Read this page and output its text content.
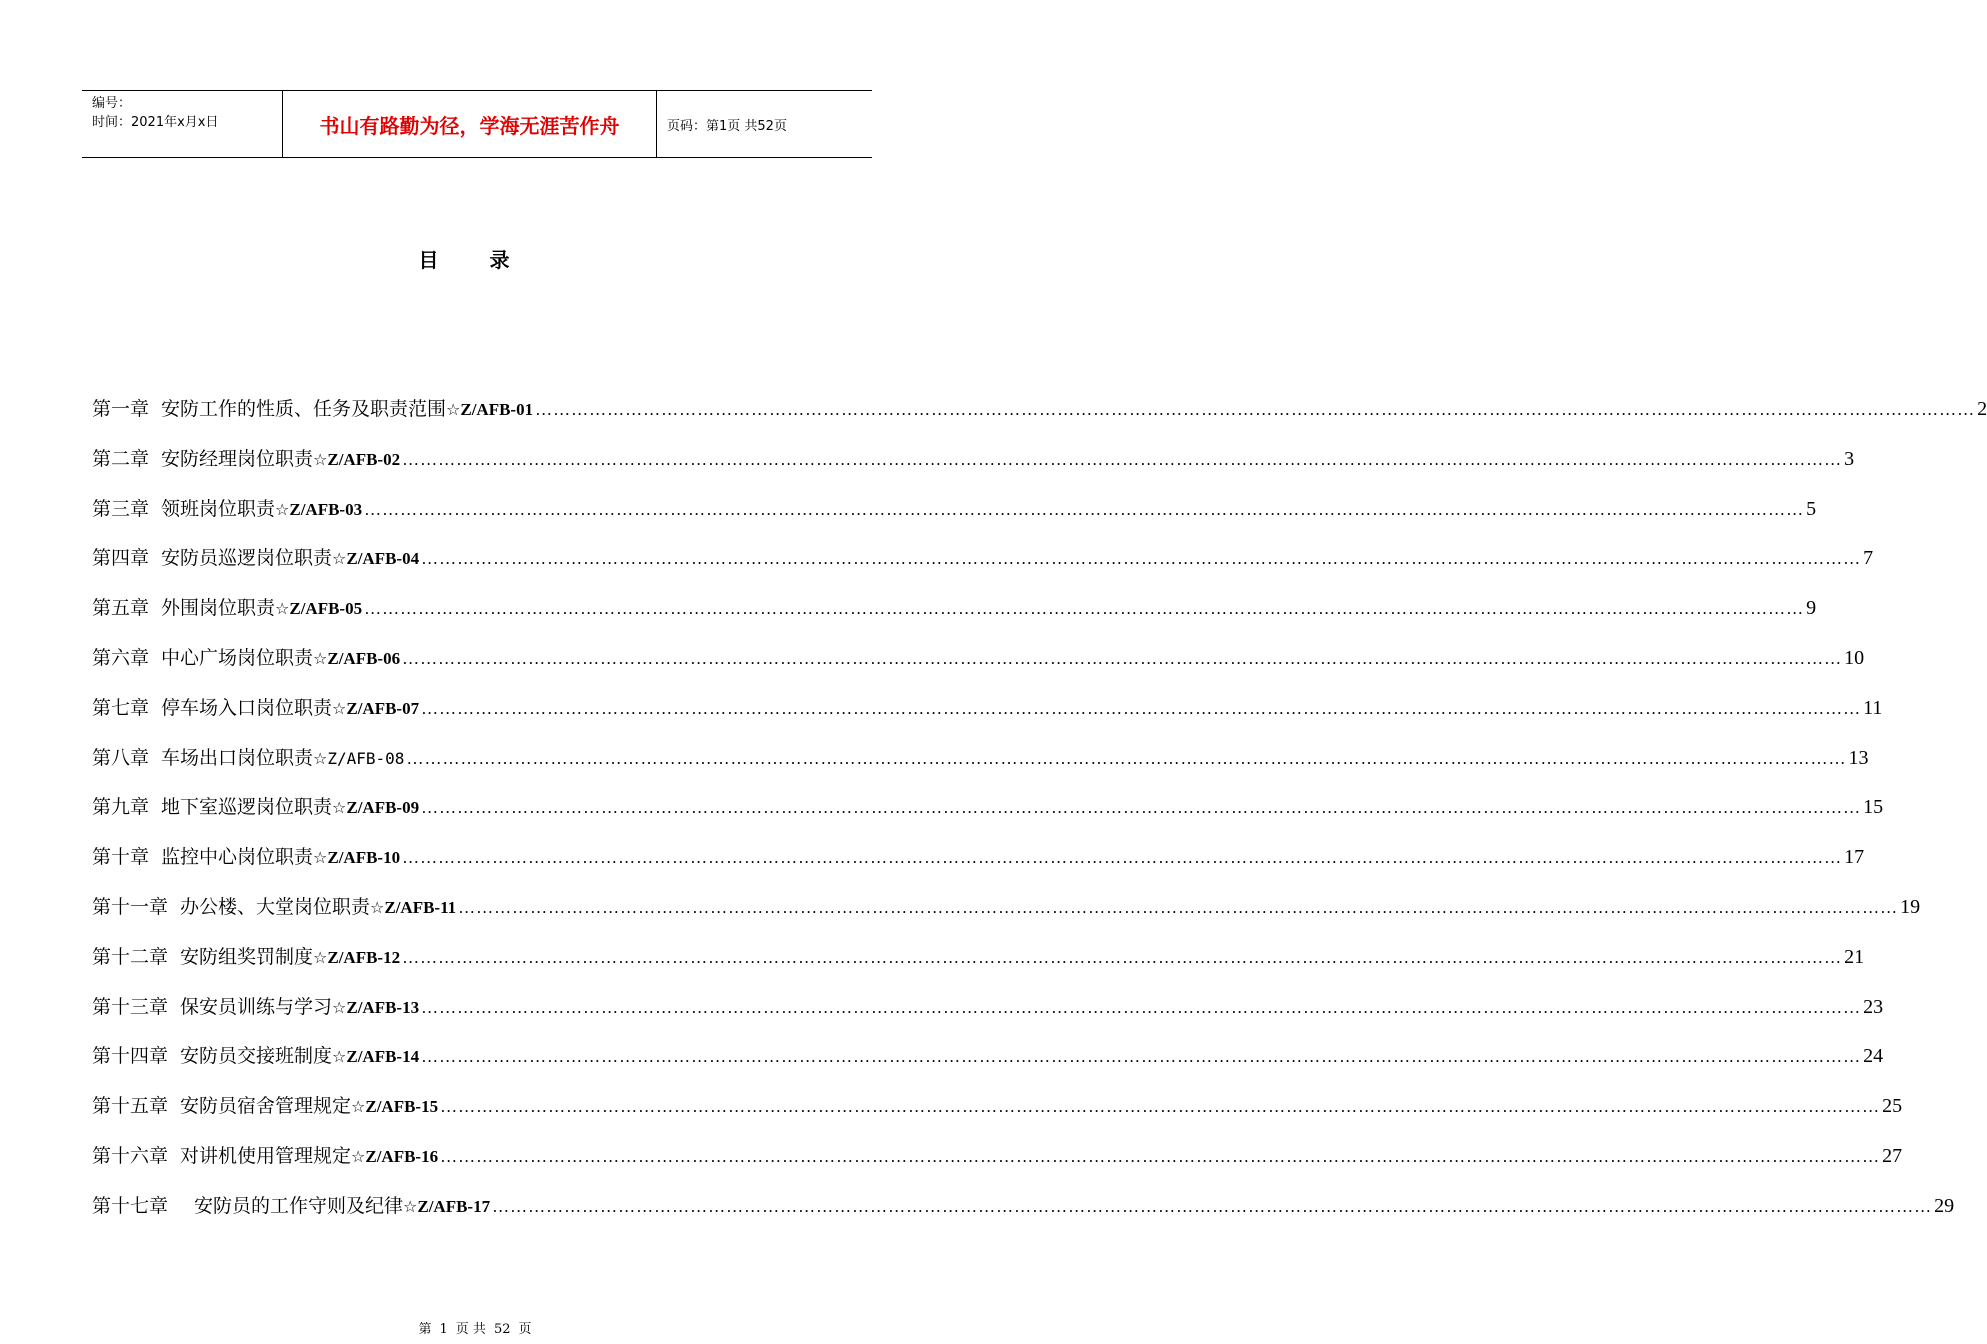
编号：
时间：2021年x月x日	书山有路勤为径，学海无涯苦作舟	页码：第1页 共52页
目 录
第一章 安防工作的性质、任务及职责范围 ☆ Z/AFB-01 …………………………………………………………………………………………………………………………………………………………………………………………………………………… 2
第二章 安防经理岗位职责 ☆ Z/AFB-02 …………………………………………………………………………………………………………………………………………………………………………………………………………………… 3
第三章 领班岗位职责 ☆ Z/AFB-03 …………………………………………………………………………………………………………………………………………………………………………………………………………………… 5
第四章 安防员巡逻岗位职责 ☆ Z/AFB-04 …………………………………………………………………………………………………………………………………………………………………………………………………………………… 7
第五章 外围岗位职责 ☆ Z/AFB-05 …………………………………………………………………………………………………………………………………………………………………………………………………………………… 9
第六章 中心广场岗位职责 ☆ Z/AFB-06 …………………………………………………………………………………………………………………………………………………………………………………………………………………… 10
第七章 停车场入口岗位职责 ☆ Z/AFB-07 …………………………………………………………………………………………………………………………………………………………………………………………………………………… 11
第八章 车场出口岗位职责 ☆ Z/AFB-08 …………………………………………………………………………………………………………………………………………………………………………………………………………………… 13
第九章 地下室巡逻岗位职责 ☆ Z/AFB-09 …………………………………………………………………………………………………………………………………………………………………………………………………………………… 15
第十章 监控中心岗位职责 ☆ Z/AFB-10 …………………………………………………………………………………………………………………………………………………………………………………………………………………… 17
第十一章 办公楼、大堂岗位职责 ☆ Z/AFB-11 …………………………………………………………………………………………………………………………………………………………………………………………………………………… 19
第十二章 安防组奖罚制度 ☆ Z/AFB-12 …………………………………………………………………………………………………………………………………………………………………………………………………………………… 21
第十三章 保安员训练与学习 ☆ Z/AFB-13 …………………………………………………………………………………………………………………………………………………………………………………………………………………… 23
第十四章 安防员交接班制度 ☆ Z/AFB-14 …………………………………………………………………………………………………………………………………………………………………………………………………………………… 24
第十五章 安防员宿舍管理规定 ☆ Z/AFB-15 …………………………………………………………………………………………………………………………………………………………………………………………………………………… 25
第十六章 对讲机使用管理规定 ☆ Z/AFB-16 …………………………………………………………………………………………………………………………………………………………………………………………………………………… 27
第十七章 安防员的工作守则及纪律 ☆ Z/AFB-17 …………………………………………………………………………………………………………………………………………………………………………………………………………………… 29
第 1 页 共 52 页
